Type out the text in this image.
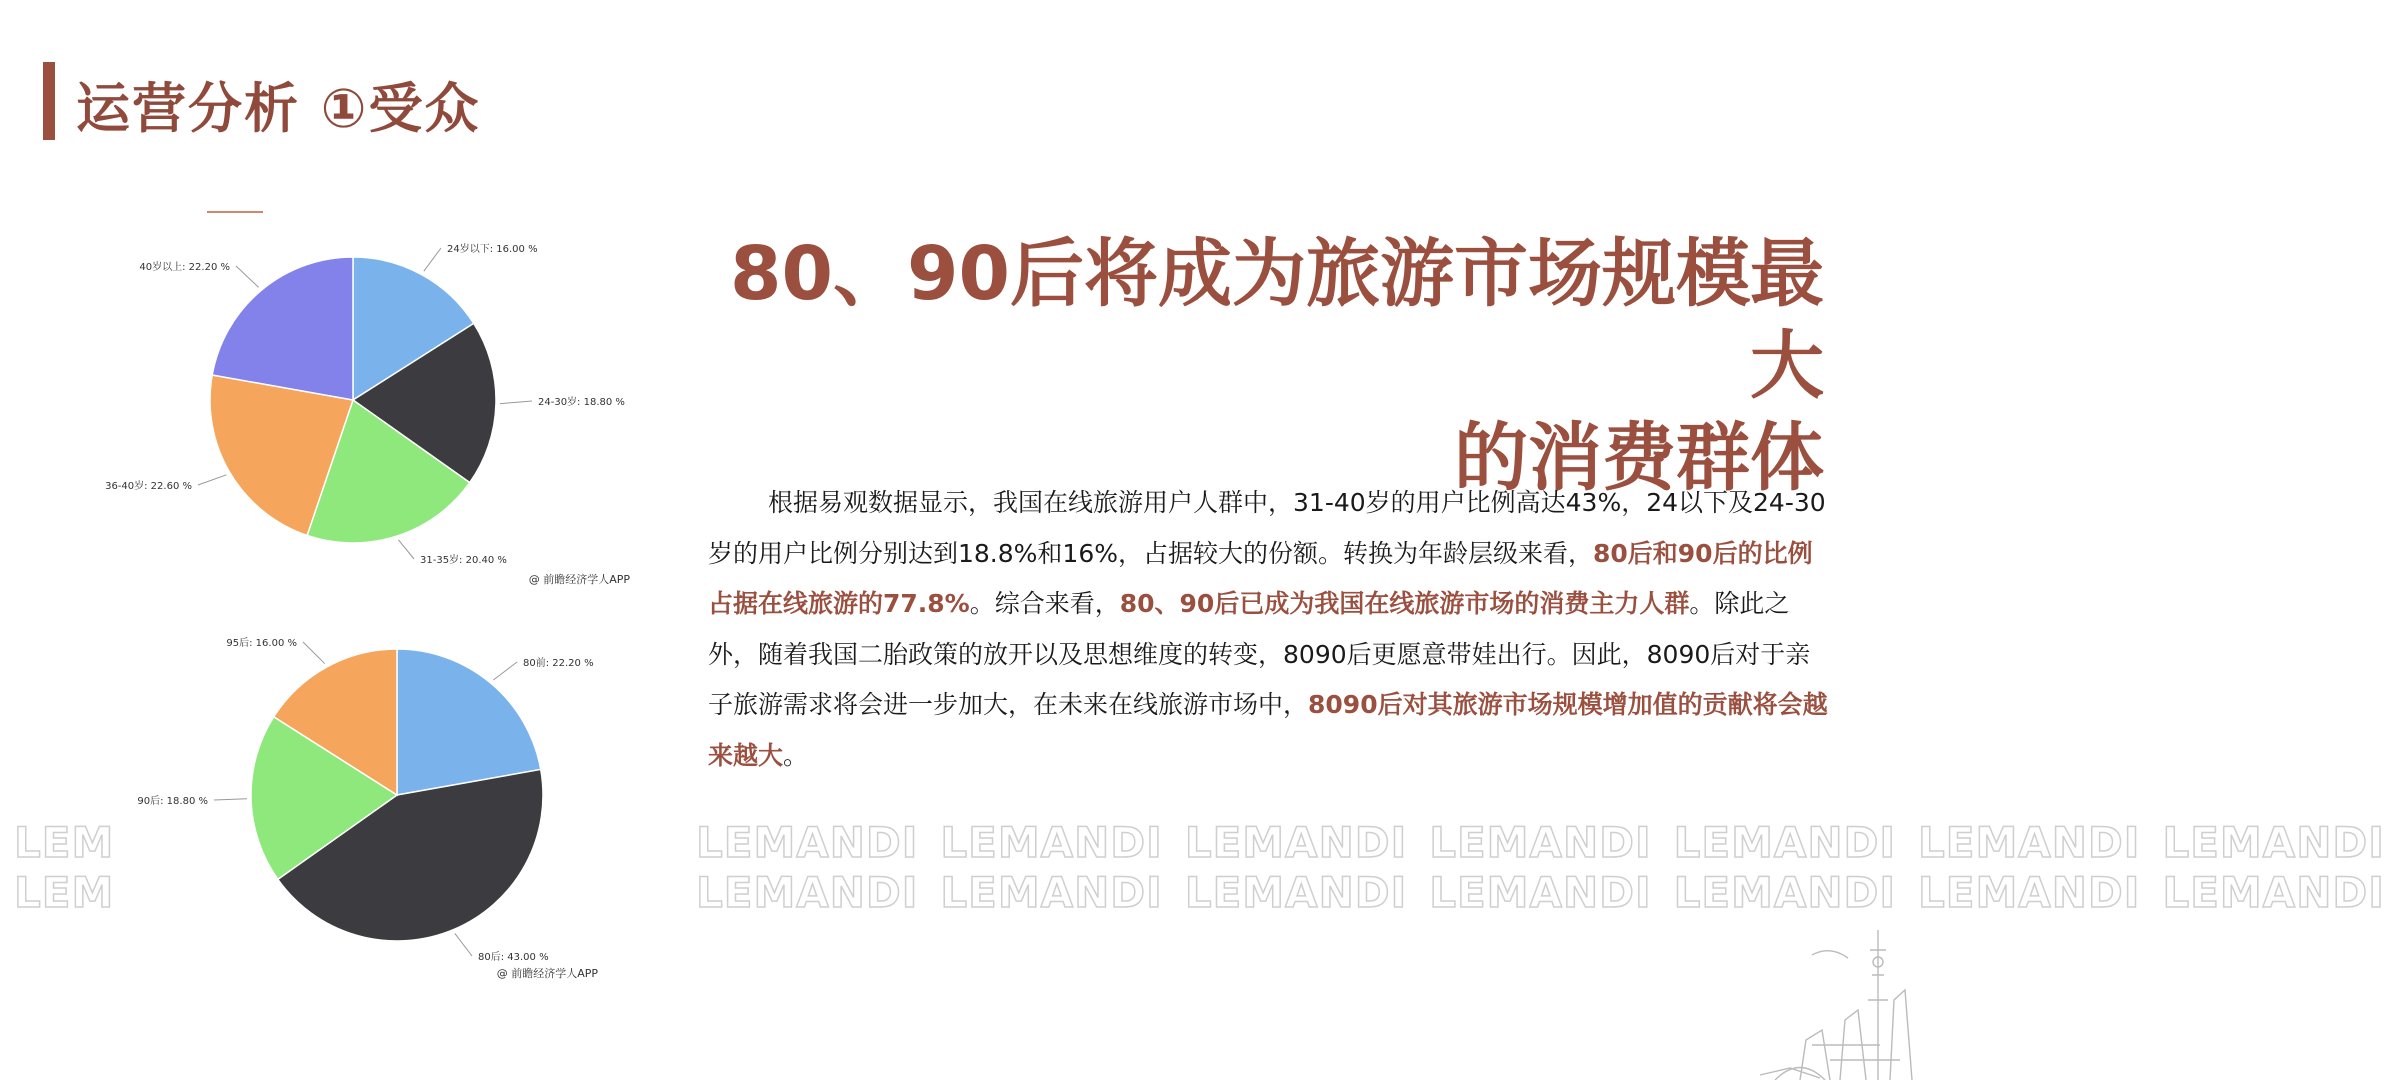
运营分析 ①受众
80、90后将成为旅游市场规模最大
的消费群体
根据易观数据显示，我国在线旅游用户人群中，31-40岁的用户比例高达43%，24以下及24-30岁的用户比例分别达到18.8%和16%，占据较大的份额。转换为年龄层级来看，80后和90后的比例占据在线旅游的77.8%。综合来看，80、90后已成为我国在线旅游市场的消费主力人群。除此之外，随着我国二胎政策的放开以及思想维度的转变，8090后更愿意带娃出行。因此，8090后对于亲子旅游需求将会进一步加大，在未来在线旅游市场中，8090后对其旅游市场规模增加值的贡献将会越来越大。
LEM
LEM
LEMANDI LEMANDI LEMANDI LEMANDI LEMANDI LEMANDI LEMANDI
LEMANDI LEMANDI LEMANDI LEMANDI LEMANDI LEMANDI LEMANDI
24岁以下: 16.00 %
24-30岁: 18.80 %
31-35岁: 20.40 %
36-40岁: 22.60 %
40岁以上: 22.20 %
@ 前瞻经济学人APP
80前: 22.20 %
80后: 43.00 %
90后: 18.80 %
95后: 16.00 %
@ 前瞻经济学人APP
